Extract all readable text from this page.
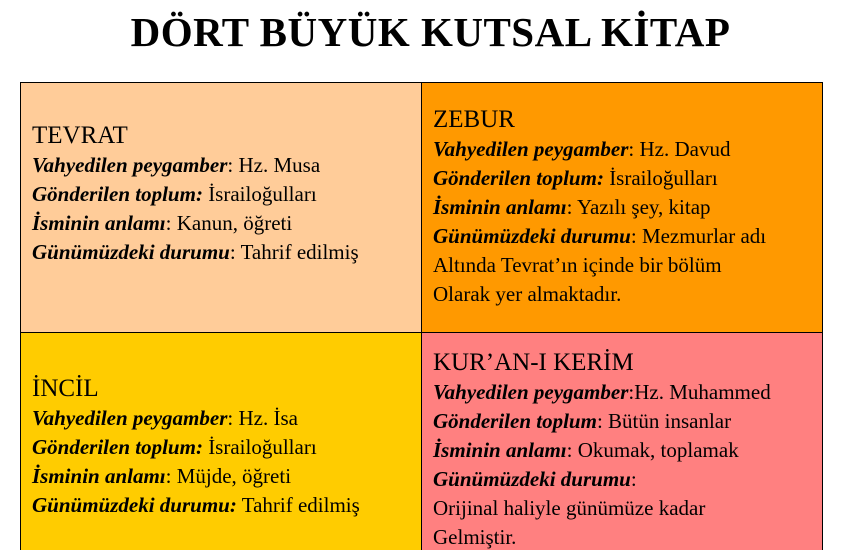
DÖRT BÜYÜK KUTSAL KİTAP
TEVRAT
Vahyedilen peygamber: Hz. Musa
Gönderilen toplum: İsrailoğulları
İsminin anlamı: Kanun, öğreti
Günümüzdeki durumu: Tahrif edilmiş
ZEBUR
Vahyedilen peygamber: Hz. Davud
Gönderilen toplum: İsrailoğulları
İsminin anlamı: Yazılı şey, kitap
Günümüzdeki durumu: Mezmurlar adı
Altında Tevrat’ın içinde bir bölüm
Olarak yer almaktadır.
İNCİL
Vahyedilen peygamber: Hz. İsa
Gönderilen toplum: İsrailoğulları
İsminin anlamı: Müjde, öğreti
Günümüzdeki durumu: Tahrif edilmiş
KUR’AN-I KERİM
Vahyedilen peygamber:Hz. Muhammed
Gönderilen toplum: Bütün insanlar
İsminin anlamı: Okumak, toplamak
Günümüzdeki durumu:
Orijinal haliyle günümüze kadar
Gelmiştir.
